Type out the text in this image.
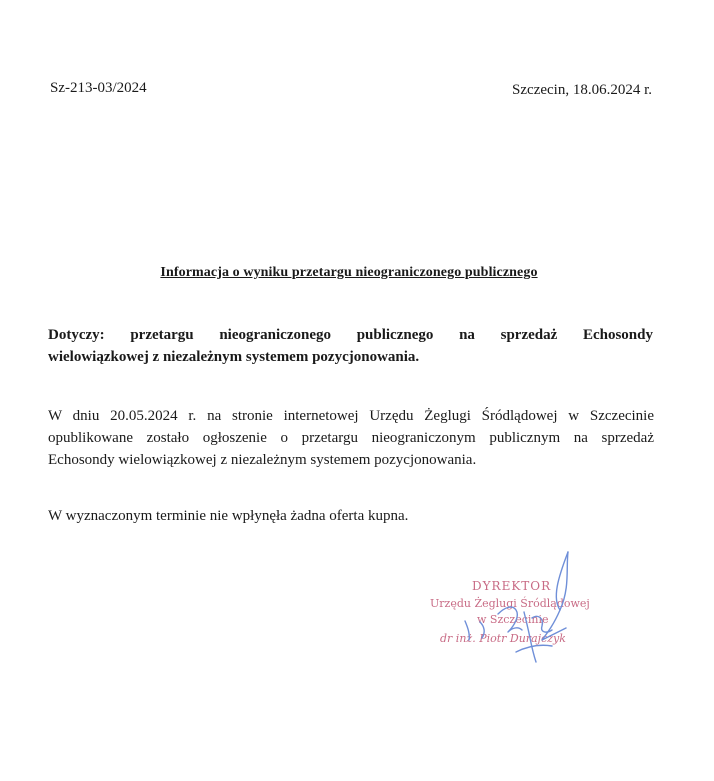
Sz-213-03/2024	Szczecin, 18.06.2024 r.
Informacja o wyniku przetargu nieograniczonego publicznego
Dotyczy: przetargu nieograniczonego publicznego na sprzedaż Echosondy
wielowiązkowej z niezależnym systemem pozycjonowania.
W dniu 20.05.2024 r. na stronie internetowej Urzędu Żeglugi Śródlądowej w Szczecinie
opublikowane zostało ogłoszenie o przetargu nieograniczonym publicznym na sprzedaż
Echosondy wielowiązkowej z niezależnym systemem pozycjonowania.
W wyznaczonym terminie nie wpłynęła żadna oferta kupna.
DYREKTOR
Urzędu Żeglugi Śródlądowej
w Szczecinie
dr inż. Piotr Durajczyk
